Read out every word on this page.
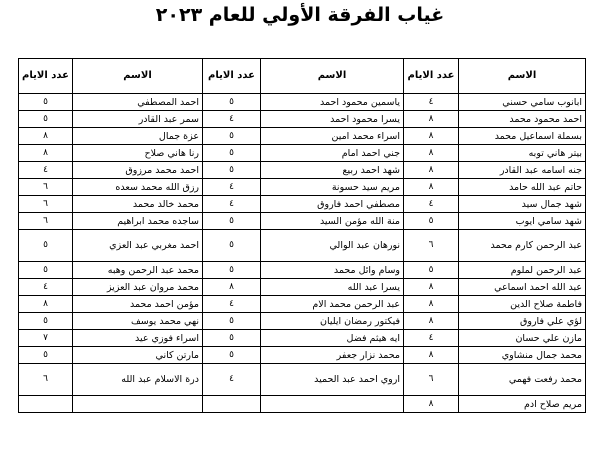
غياب الفرقة الأولي للعام ٢٠٢٣
الاسم	عدد الايام	الاسم	عدد الايام	الاسم	عدد الايام
ابانوب سامي حسني	٤	ياسمين محمود احمد	٥	احمد المصطفي	٥
احمد محمود محمد	٨	يسرا محمود احمد	٤	سمر عبد القادر	٥
بسملة اسماعيل محمد	٨	اسراء محمد امين	٥	عزة جمال	٨
بيتر هاني توبه	٨	جني احمد امام	٥	رنا هاني صلاح	٨
جنه اسامه عبد القادر	٨	شهد احمد ربيع	٥	احمد محمد مرزوق	٤
حاتم عبد الله حامد	٨	مريم سيد حسونة	٤	رزق الله محمد سعده	٦
شهد جمال سيد	٤	مصطفي احمد فاروق	٤	محمد خالد محمد	٦
شهد سامي ايوب	٥	منة الله مؤمن السيد	٥	ساجده محمد ابراهيم	٦
عبد الرحمن كارم محمد	٦	نورهان عبد الوالي	٥	احمد مغربي عبد العزي	٥
عبد الرحمن لملوم	٥	وسام وائل محمد	٥	محمد عبد الرحمن وهبه	٥
عبد الله احمد اسماعي	٨	يسرا عبد الله	٨	محمد مروان عبد العزيز	٤
فاطمة صلاح الدين	٨	عبد الرحمن محمد الام	٤	مؤمن احمد محمد	٨
لؤي علي فاروق	٨	فيكتور رمضان ايليان	٥	نهي محمد يوسف	٥
مازن علي حسان	٤	ايه هيثم فضل	٥	اسراء فوزي عيد	٧
محمد جمال منشاوي	٨	محمد نزار جعفر	٥	مارتن كاني	٥
محمد رفعت فهمي	٦	اروي احمد عبد الحميد	٤	درة الاسلام عبد الله	٦
مريم صلاح ادم	٨				
